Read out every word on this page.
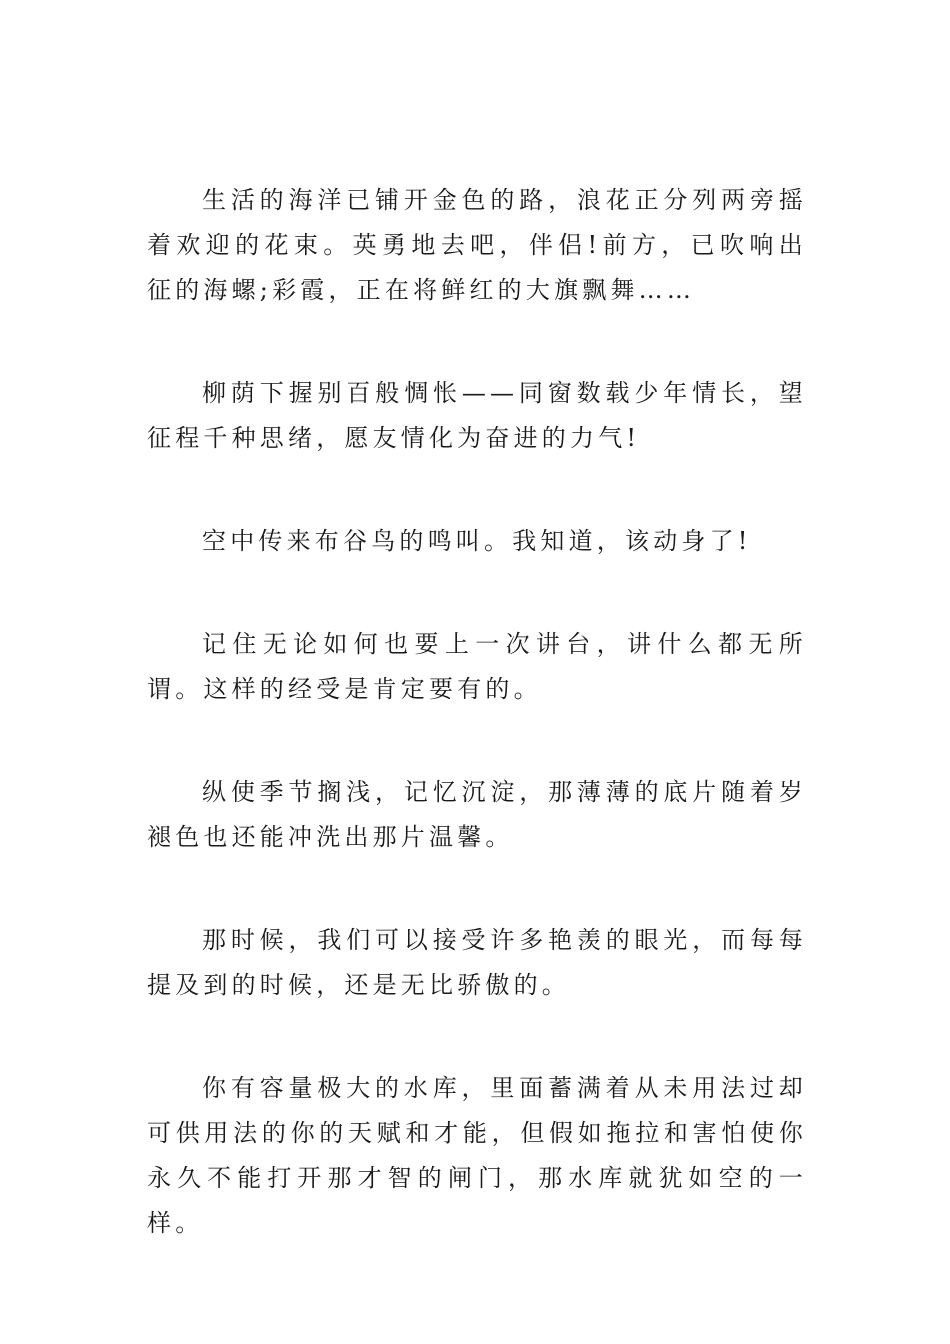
生活的海洋已铺开金色的路，浪花正分列两旁摇着欢迎的花束。英勇地去吧，伴侣!前方，已吹响出征的海螺;彩霞，正在将鲜红的大旗飘舞……

柳荫下握别百般惆怅——同窗数载少年情长，望征程千种思绪，愿友情化为奋进的力气!

空中传来布谷鸟的鸣叫。我知道，该动身了!

记住无论如何也要上一次讲台，讲什么都无所谓。这样的经受是肯定要有的。

纵使季节搁浅，记忆沉淀，那薄薄的底片随着岁褪色也还能冲洗出那片温馨。

那时候，我们可以接受许多艳羡的眼光，而每每提及到的时候，还是无比骄傲的。

你有容量极大的水库，里面蓄满着从未用法过却可供用法的你的天赋和才能，但假如拖拉和害怕使你永久不能打开那才智的闸门，那水库就犹如空的一样。
